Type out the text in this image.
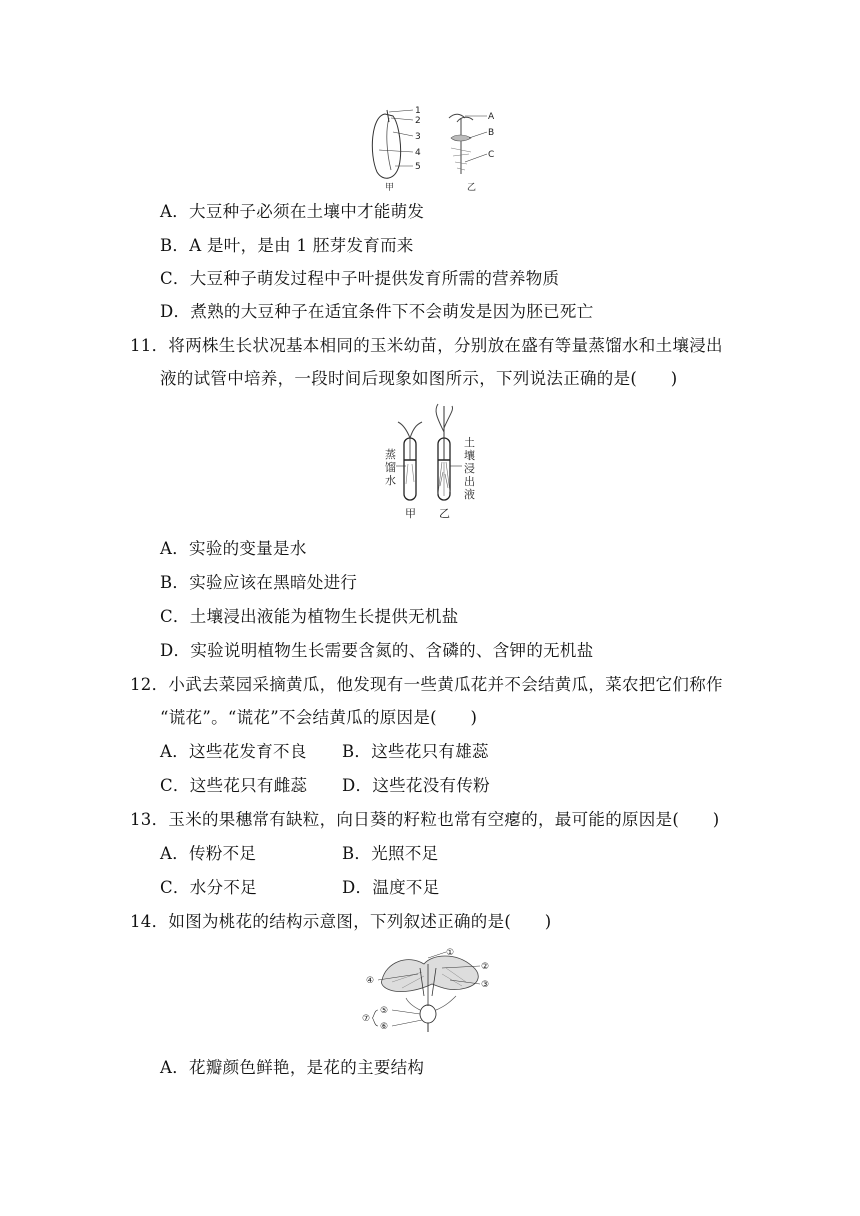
1
2
3
4
5
A
B
C
甲	乙
A．大豆种子必须在土壤中才能萌发
B．A 是叶，是由 1 胚芽发育而来
C．大豆种子萌发过程中子叶提供发育所需的营养物质
D．煮熟的大豆种子在适宜条件下不会萌发是因为胚已死亡
11．将两株生长状况基本相同的玉米幼苗，分别放在盛有等量蒸馏水和土壤浸出
液的试管中培养，一段时间后现象如图所示，下列说法正确的是(　　)
蒸
馏
水
土
壤
浸
出
液
甲 乙
A．实验的变量是水
B．实验应该在黑暗处进行
C．土壤浸出液能为植物生长提供无机盐
D．实验说明植物生长需要含氮的、含磷的、含钾的无机盐
12．小武去菜园采摘黄瓜，他发现有一些黄瓜花并不会结黄瓜，菜农把它们称作
“谎花”。“谎花”不会结黄瓜的原因是(　　)
A．这些花发育不良 B．这些花只有雄蕊
C．这些花只有雌蕊 D．这些花没有传粉
13．玉米的果穗常有缺粒，向日葵的籽粒也常有空瘪的，最可能的原因是(　　)
A．传粉不足	B．光照不足
C．水分不足	D．温度不足
14．如图为桃花的结构示意图，下列叙述正确的是(　　)
①
②
③
④
⑤
⑥
⑦
A．花瓣颜色鲜艳，是花的主要结构
